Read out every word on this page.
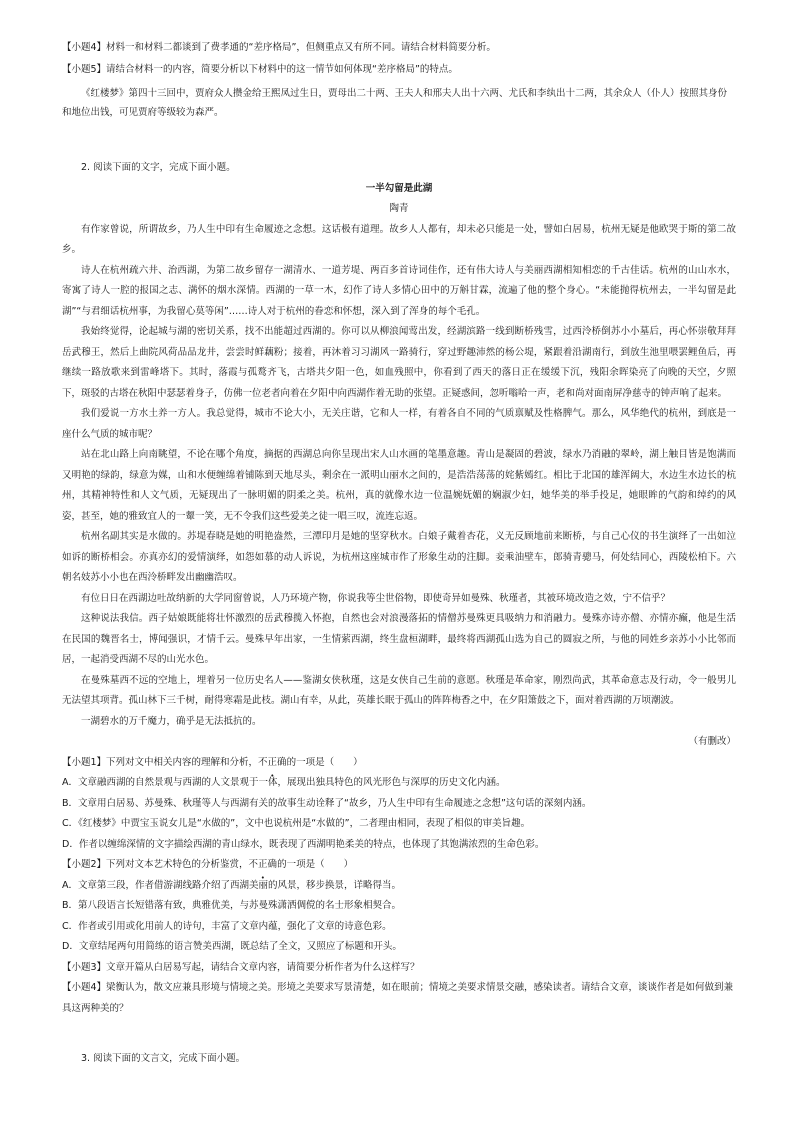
【小题4】材料一和材料二都谈到了费孝通的“差序格局”，但侧重点又有所不同。请结合材料简要分析。

【小题5】请结合材料一的内容，简要分析以下材料中的这一情节如何体现“差序格局”的特点。

《红楼梦》第四十三回中，贾府众人攒金给王熙凤过生日，贾母出二十两、王夫人和邢夫人出十六两、尤氏和李纨出十二两，其余众人（仆人）按照其身份和地位出钱，可见贾府等级较为森严。

2. 阅读下面的文字，完成下面小题。

一半勾留是此湖
陶青

有作家曾说，所谓故乡，乃人生中印有生命履迹之念想。这话极有道理。故乡人人都有，却未必只能是一处，譬如白居易，杭州无疑是他欧哭于斯的第二故乡。

诗人在杭州疏六井、治西湖，为第二故乡留存一湖清水、一道芳堤、两百多首诗词佳作，还有伟大诗人与美丽西湖相知相恋的千古佳话。杭州的山山水水，寄寓了诗人一腔的报国之志、满怀的烟水深情。西湖的一草一木，幻作了诗人多情心田中的万斛甘霖，流遍了他的整个身心。“未能抛得杭州去，一半勾留是此湖”“与君细话杭州事，为我留心莫等闲”……诗人对于杭州的眷恋和怀想，深入到了浑身的每个毛孔。

我始终觉得，论起城与湖的密切关系，找不出能超过西湖的。你可以从柳浪闻莺出发，经湖滨路一线到断桥残雪，过西泠桥倒苏小小墓后，再心怀崇敬拜拜岳武穆王，然后上曲院风荷品品龙井，尝尝时鲜藕粉；接着，再沐着习习湖风一路骑行，穿过野趣沛然的杨公堤，紧跟着沿湖南行，到放生池里喂罢鲤鱼后，再继续一路放歌来到雷峰塔下。其时，落霞与孤鹜齐飞，古塔共夕阳一色，如血残照中，你看到了西天的落日正在缓缓下沉，残阳余晖染亮了向晚的天空，夕照下，斑驳的古塔在秋阳中瑟瑟着身子，仿佛一位老者向着在夕阳中向西湖作着无助的张望。正疑惑间，忽听嗡哈一声，老和尚对面南屏净慈寺的钟声响了起来。

我们爱说一方水土养一方人。我总觉得，城市不论大小，无关庄谐，它和人一样，有着各自不同的气质禀赋及性格脾气。那么，风华绝代的杭州，到底是一座什么气质的城市呢？

站在北山路上向南眺望，不论在哪个角度，摘据的西湖总向你呈现出宋人山水画的笔墨意趣。青山是凝固的碧波，绿水乃消融的翠岭，湖上触目皆是饱满而又明艳的绿韵，绿意为媒，山和水便缠绵着铺陈到天地尽头，剩余在一派明山丽水之间的，是浩浩荡荡的姹紫嫣红。相比于北国的雄浑阔大，水边生水边长的杭州，其精神特性和人文气质，无疑现出了一脉明媚的阴柔之美。杭州，真的就像水边一位温婉妩媚的娴淑少妇，她华美的举手投足，她眼眸的气韵和绰约的风姿，甚至，她的雅致宜人的一颦一笑，无不令我们这些爱美之徒一唱三叹，流连忘返。

杭州名副其实是水做的。苏堤春晓是她的明艳盎然，三潭印月是她的坚穿秋水。白娘子戴着杏花，义无反顾地前来断桥，与自己心仪的书生演绎了一出如泣如诉的断桥相会。亦真亦幻的爱情演绎，如怨如慕的动人诉说，为杭州这座城市作了形象生动的注脚。妾乘油壁车，郎骑青骢马，何处结同心，西陵松柏下。六朝名妓苏小小也在西泠桥畔发出幽幽浩叹。

有位日日在西湖边吐故纳新的大学同窗曾说，人乃环境产物，你说我等尘世俗物，即使奇异如曼殊、秋瑾者，其被环境改造之效，宁不信乎？

这种说法我信。西子姑娘既能将壮怀激烈的岳武穆揽入怀抱，自然也会对浪漫落拓的情僧苏曼殊更具吸纳力和消融力。曼殊亦诗亦僧、亦情亦癫，他是生活在民国的魏晋名士，博闻强识，才情千云。曼殊早年出家，一生情萦西湖，终生盘桓湖畔，最终将西湖孤山选为自己的圆寂之所，与他的同姓乡亲苏小小比邻而居，一起消受西湖不尽的山光水色。

在曼殊墓西不远的空地上，埋着另一位历史名人——鉴湖女侠秋瑾，这是女侠自己生前的意愿。秋瑾是革命家，刚烈尚武，其革命意志及行动，令一般男儿无法望其项背。孤山林下三千树，耐得寒霜是此枝。湖山有幸，从此，英雄长眠于孤山的阵阵梅香之中，在夕阳箫鼓之下，面对着西湖的万顷潮波。

一湖碧水的万千魔力，确乎是无法抵抗的。

（有删改）

【小题1】下列对文中相关内容的理解和分析，不正确的一项是（　　）

A．文章融西湖的自然景观与西湖的人文景观于一体，展现出独具特色的风光形色与深厚的历史文化内涵。

B．文章用白居易、苏曼殊、秋瑾等人与西湖有关的故事生动诠释了“故乡，乃人生中印有生命履迹之念想”这句话的深刻内涵。

C．《红楼梦》中贾宝玉说女儿是“水做的”，文中也说杭州是“水做的”，二者理由相同，表现了相似的审美旨趣。

D．作者以缠绵深情的文字描绘西湖的青山绿水，既表现了西湖明艳柔美的特点，也体现了其饱满浓烈的生命色彩。

【小题2】下列对文本艺术特色的分析鉴赏，不正确的一项是（　　）

A．文章第三段，作者借游湖线路介绍了西湖美丽的风景，移步换景，详略得当。

B．第八段语言长短错落有致，典雅优美，与苏曼殊潇洒倜傥的名士形象相契合。

C．作者或引用或化用前人的诗句，丰富了文章内蕴，强化了文章的诗意色彩。

D．文章结尾两句用简练的语言赞美西湖，既总结了全文，又照应了标题和开头。

【小题3】文章开篇从白居易写起，请结合文章内容，请简要分析作者为什么这样写？

【小题4】梁衡认为，散文应兼具形境与情境之美。形境之美要求写景清楚，如在眼前；情境之美要求情景交融，感染读者。请结合文章，谈谈作者是如何做到兼具这两种美的？

3. 阅读下面的文言文，完成下面小题。
